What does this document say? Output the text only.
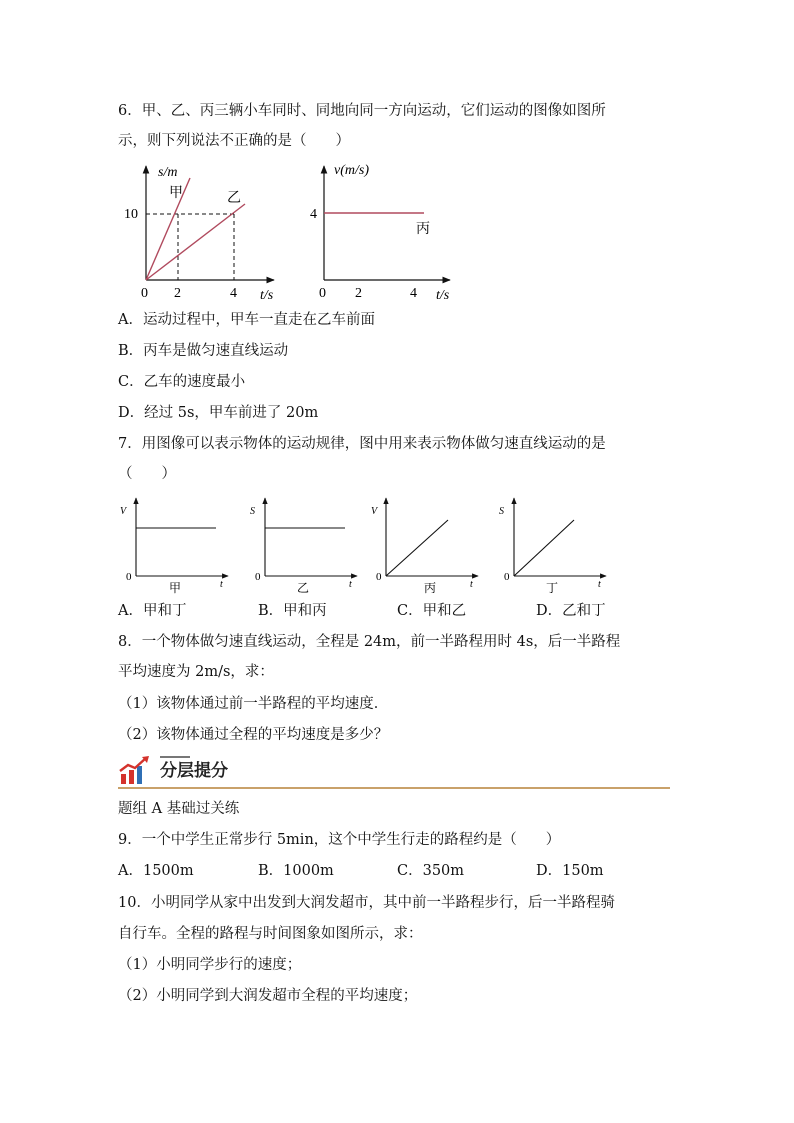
6．甲、乙、丙三辆小车同时、同地向同一方向运动，它们运动的图像如图所
示，则下列说法不正确的是（　　）
s/m
甲	乙
10
0 2	4 t/s
v(m/s)
4
丙
0 2	4 t/s
A．运动过程中，甲车一直走在乙车前面
B．丙车是做匀速直线运动
C．乙车的速度最小
D．经过 5s，甲车前进了 20m
7．用图像可以表示物体的运动规律，图中用来表示物体做匀速直线运动的是
（　　）
V
0
t
甲
S
0
t
乙
V
0
t
丙
S
0
t
丁
A．甲和丁	B．甲和丙	C．甲和乙	D．乙和丁
8．一个物体做匀速直线运动，全程是 24m，前一半路程用时 4s，后一半路程
平均速度为 2m/s，求：
（1）该物体通过前一半路程的平均速度．
（2）该物体通过全程的平均速度是多少？
分层提分
题组 A 基础过关练
9．一个中学生正常步行 5min，这个中学生行走的路程约是（　　）
A．1500m	B．1000m	C．350m	D．150m
10．小明同学从家中出发到大润发超市，其中前一半路程步行，后一半路程骑
自行车。全程的路程与时间图象如图所示，求：
（1）小明同学步行的速度；
（2）小明同学到大润发超市全程的平均速度；
